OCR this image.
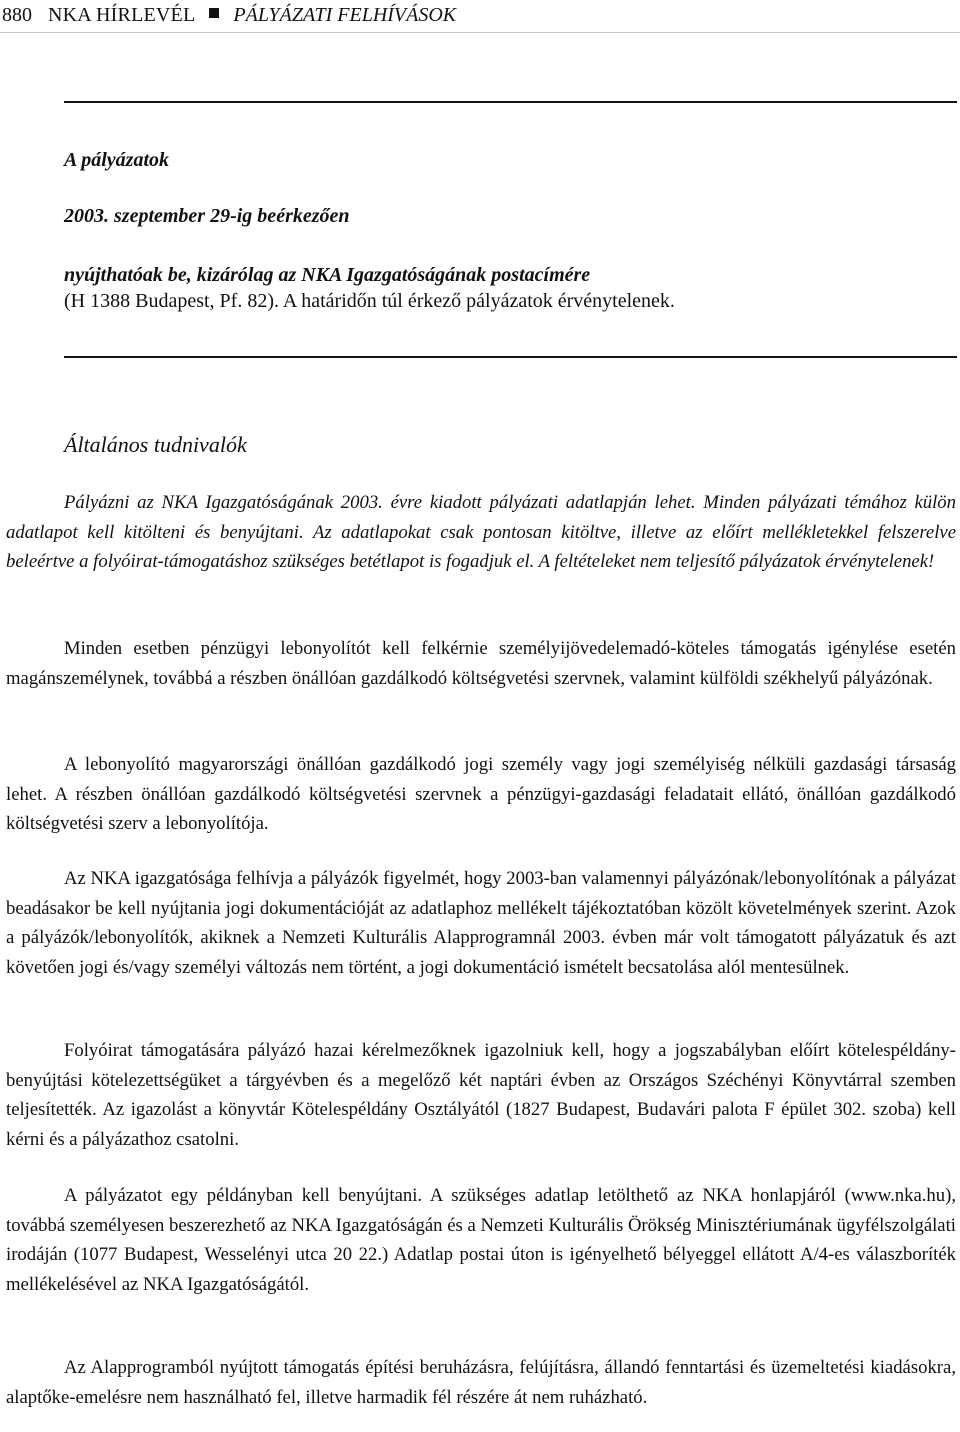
880 NKA HÍRLEVÉL PÁLYÁZATI FELHÍVÁSOK
A pályázatok
2003. szeptember 29-ig beérkezően
nyújthatóak be, kizárólag az NKA Igazgatóságának postacímére
(H 1388 Budapest, Pf. 82). A határidőn túl érkező pályázatok érvénytelenek.
Általános tudnivalók

Pályázni az NKA Igazgatóságának 2003. évre kiadott pályázati adatlapján lehet. Minden pályázati témához külön adatlapot kell kitölteni és benyújtani. Az adatlapokat csak pontosan kitöltve, illetve az előírt mellékletekkel felszerelve beleértve a folyóirat-támogatáshoz szükséges betétlapot is fogadjuk el. A feltételeket nem teljesítő pályázatok érvénytelenek!

Minden esetben pénzügyi lebonyolítót kell felkérnie személyijövedelemadó-köteles támogatás igénylése esetén magánszemélynek, továbbá a részben önállóan gazdálkodó költségvetési szervnek, valamint külföldi székhelyű pályázónak.

A lebonyolító magyarországi önállóan gazdálkodó jogi személy vagy jogi személyiség nélküli gazdasági társaság lehet. A részben önállóan gazdálkodó költségvetési szervnek a pénzügyi-gazdasági feladatait ellátó, önállóan gazdálkodó költségvetési szerv a lebonyolítója.

Az NKA igazgatósága felhívja a pályázók figyelmét, hogy 2003-ban valamennyi pályázónak/lebonyolítónak a pályázat beadásakor be kell nyújtania jogi dokumentációját az adatlaphoz mellékelt tájékoztatóban közölt követelmények szerint. Azok a pályázók/lebonyolítók, akiknek a Nemzeti Kulturális Alapprogramnál 2003. évben már volt támogatott pályázatuk és azt követően jogi és/vagy személyi változás nem történt, a jogi dokumentáció ismételt becsatolása alól mentesülnek.

Folyóirat támogatására pályázó hazai kérelmezőknek igazolniuk kell, hogy a jogszabályban előírt kötelespéldány-benyújtási kötelezettségüket a tárgyévben és a megelőző két naptári évben az Országos Széchényi Könyvtárral szemben teljesítették. Az igazolást a könyvtár Kötelespéldány Osztályától (1827 Budapest, Budavári palota F épület 302. szoba) kell kérni és a pályázathoz csatolni.

A pályázatot egy példányban kell benyújtani. A szükséges adatlap letölthető az NKA honlapjáról (www.nka.hu), továbbá személyesen beszerezhető az NKA Igazgatóságán és a Nemzeti Kulturális Örökség Minisztériumának ügyfélszolgálati irodáján (1077 Budapest, Wesselényi utca 20 22.) Adatlap postai úton is igényelhető bélyeggel ellátott A/4-es válaszboríték mellékelésével az NKA Igazgatóságától.

Az Alapprogramból nyújtott támogatás építési beruházásra, felújításra, állandó fenntartási és üzemeltetési kiadásokra, alaptőke-emelésre nem használható fel, illetve harmadik fél részére át nem ruházható.
